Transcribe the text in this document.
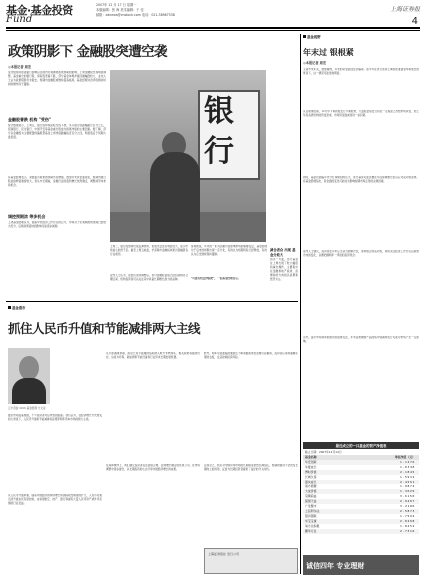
基金·基金投资
Fund
2007年 12 月 17 日 星期一
本版编辑：张 海 美术编辑：于 佳
邮箱：zdnews@cnstock.com 电话：021-38967538
上海证券报
4
政策阴影下 金融股突遭空袭
◎本报记者 周宏
受次级债对欧美银行影响以及国内宏观调控政策预期的影响，上周金融股出现明显调整，基金重仓的银行股、保险股普遍下跌，部分基金单周净值回撤幅度较大，业内人士认为政策阴影仍未散去，短期内金融股或维持震荡格局，基金经理对四季度剩余时间的操作趋于谨慎。
金融股普跌 机构 "受伤"
统计数据显示，上周五，银行股和保险股全线下挫，多只银行股跌幅超过百分之五，招商银行、民生银行、中国平安等基金重仓股成为拖累净值的主要因素。据了解，部分以金融股为主要配置的偏股型基金上周净值跌幅接近百分之四，明显落后于同期大盘表现。
有基金经理表示，紧缩货币政策的预期仍在增强，叠加年末资金面紧张，短期内银行股估值修复难度较大，但从中长期看，金融行业的盈利增长依然确定，调整或带来布局机会。
调控预期浓 等多机会
上述基金经理认为，随着中央经济工作会议的召开，市场对于宏观调控的预期已经较为充分，后续政策落地的影响可能逐步减弱。
银
行
上周二，银行股整体出现反弹迹象，但成交量没有明显放大，显示市场信心依然不足。截至上周五收盘，沪深两市金融板块累计跌幅居各行业前列。
业内人士认为，在经历连续调整后，部分金融股估值已经回到相对合理区间，机构投资者可以关注其中具备长期增长潜力的品种。
客观地说，年末的一系列因素仍是影响市场的重要变量，基金经理对于后市的判断出现一定分化，有的认为短期风险已经释放，有的认为应当继续保持谨慎。
"可能有机会抄底吧"，一位基金经理表示。
减仓者众 出现 基金分歧大
而另一方面，部分基金在上周出现了较大幅度的减仓操作，主要集中在金融和地产板块，而增持的方向则以消费和医药为主。
基金视野
年末过 银根紧
◎本报记者 周宏
又到岁末年关，按照惯例，年末的资金面往往会偏紧。而今年在央行连续上调存款准备金率和加息的背景下，这一情况可能更加明显。
从目前情况看，12月中下旬新股发行节奏较快，大盘股密集发行将在一定程度上冻结市场资金，加上年底各类机构的资金需求，市场资金面或将进一步趋紧。
同时，基金也面临年末分红和赎回的压力，部分基金可能需要在年底前调整仓位以应对流动性需求。有基金经理指出，资金面的变化可能成为影响短期市场走势的关键因素。
业内人士建议，投资者在年末应当适当控制仓位，保持组合的流动性，同时关注经济工作会议后政策方向的变化，以便把握明年一季度的投资机会。
另外，货币市场利率的波动也值得关注，年末各类理财产品的集中到期和发行可能对市场产生一定影响。
基金看市
抓住人民币升值和节能减排两大主线
汇丰晋信 2016 基金经理 方文彦
最近市场震荡加剧，不少投资者对后市感到困惑。我们认为，在经济增长方式转变的大背景下，人民币升值和节能减排将是贯穿明年资本市场的两大主线。
从人民币升值来看，随着中国经济的持续增长和国际收支顺差的扩大，人民币对美元的升值步伐有望加快，这将使航空、地产、银行等拥有大量人民币资产或外币负债的行业受益。
从节能减排来看，政府已将节能减排指标纳入地方考核体系，相关政策将陆续出台，这将为环保、新能源和节能设备等行业带来长期发展机遇。
在具体操作上，我们建议投资者关注估值合理、业绩增长确定的优质公司，在市场调整中逐步建仓，以长期投资的心态分享中国经济增长的成果。
此外，明年可能面临的通胀压力和紧缩政策也需要引起重视，投资者应保持谨慎乐观的态度，注意控制投资风险。
总而言之，我们对中国资本市场的长期前景依然充满信心，短期的波动不会改变长期向上的趋势，反而为长期投资者提供了良好的介入时机。
上海证券报社 发行公司
最近成立的一只基金的资产净值表
截止日期：2007年12月14日
基金名称	单位净值（元）
华安创新	1.1276
华夏成长	1.0348
博时价值	2.1845
长城久泰	1.5932
嘉实成长	2.4561
南方稳健	1.9874
大成价值	1.3629
景顺鼎益	3.6150
富国天益	2.9407
广发聚丰	3.2186
上投阿尔法	2.5873
银河银联	1.7594
华宝宝康	2.0268
易方达积极	1.8452
鹏华行业	2.7316
诚信四年 专业理财
